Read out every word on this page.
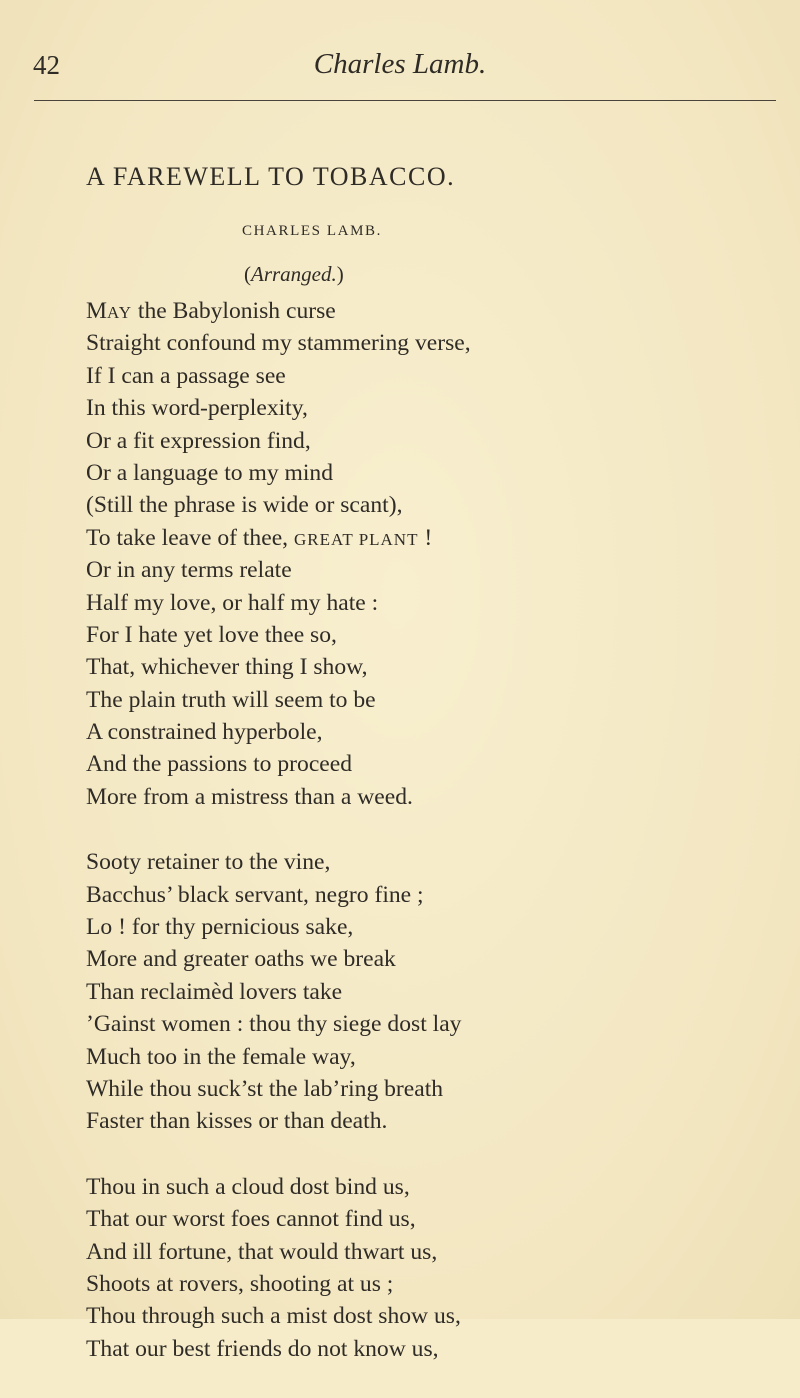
42	Charles Lamb.
A FAREWELL TO TOBACCO.
CHARLES LAMB.
(Arranged.)
MAY the Babylonish curse
Straight confound my stammering verse,
If I can a passage see
In this word-perplexity,
Or a fit expression find,
Or a language to my mind
(Still the phrase is wide or scant),
To take leave of thee, GREAT PLANT !
Or in any terms relate
Half my love, or half my hate :
For I hate yet love thee so,
That, whichever thing I show,
The plain truth will seem to be
A constrained hyperbole,
And the passions to proceed
More from a mistress than a weed.
Sooty retainer to the vine,
Bacchus’ black servant, negro fine ;
Lo ! for thy pernicious sake,
More and greater oaths we break
Than reclaimèd lovers take
’Gainst women : thou thy siege dost lay
Much too in the female way,
While thou suck’st the lab’ring breath
Faster than kisses or than death.
Thou in such a cloud dost bind us,
That our worst foes cannot find us,
And ill fortune, that would thwart us,
Shoots at rovers, shooting at us ;
Thou through such a mist dost show us,
That our best friends do not know us,
